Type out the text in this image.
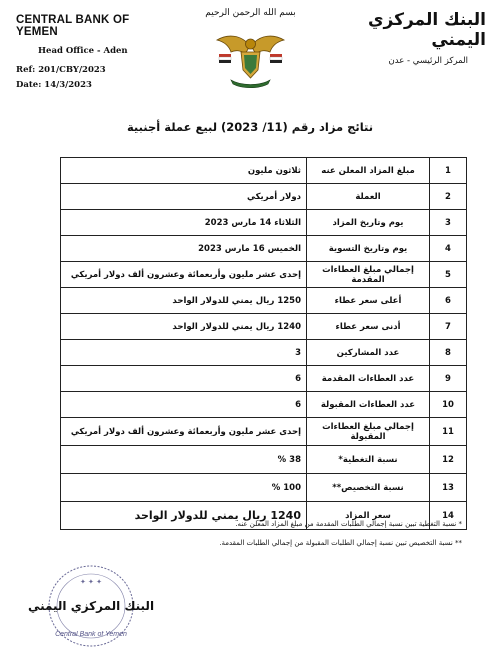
CENTRAL BANK OF YEMEN
Head Office - Aden
Ref: 201/CBY/2023
Date: 14/3/2023
بسم الله الرحمن الرحيم	البنك المركزي اليمني
المركز الرئيسي - عدن
نتائج مزاد رقم (11/ 2023) لبيع عملة أجنبية
1	مبلغ المزاد المعلن عنه	ثلاثون مليون
2	العملة	دولار أمريكي
3	يوم وتاريخ المزاد	الثلاثاء 14 مارس 2023
4	يوم وتاريخ التسوية	الخميس 16 مارس 2023
5	إجمالي مبلغ العطاءات المقدمة	إحدى عشر مليون وأربعمائة وعشرون ألف دولار أمريكي
6	أعلى سعر عطاء	1250 ريال يمني للدولار الواحد
7	أدنى سعر عطاء	1240 ريال يمني للدولار الواحد
8	عدد المشاركين	3
9	عدد العطاءات المقدمة	6
10	عدد العطاءات المقبولة	6
11	إجمالي مبلغ العطاءات المقبولة	إحدى عشر مليون وأربعمائة وعشرون ألف دولار أمريكي
12	نسبة التغطية*	38 %
13	نسبة التخصيص**	100 %
14	سعر المزاد	1240 ريال يمني للدولار الواحد
* نسبة التغطية تبين نسبة إجمالي الطلبات المقدمة من مبلغ المزاد المعلن عنه.
** نسبة التخصيص تبين نسبة إجمالي الطلبات المقبولة من إجمالي الطلبات المقدمة.
✦ ✦ ✦
البنك المركزي اليمني
Central Bank of Yemen
